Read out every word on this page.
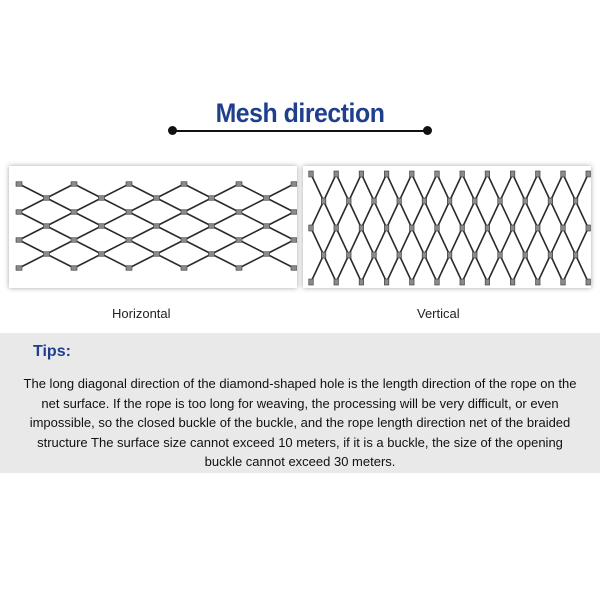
Mesh direction
Horizontal	Vertical
Tips:
The long diagonal direction of the diamond-shaped hole is the length direction of the rope on the net surface. If the rope is too long for weaving, the processing will be very difficult, or even impossible, so the closed buckle of the buckle, and the rope length direction net of the braided structure The surface size cannot exceed 10 meters, if it is a buckle, the size of the opening buckle cannot exceed 30 meters.
